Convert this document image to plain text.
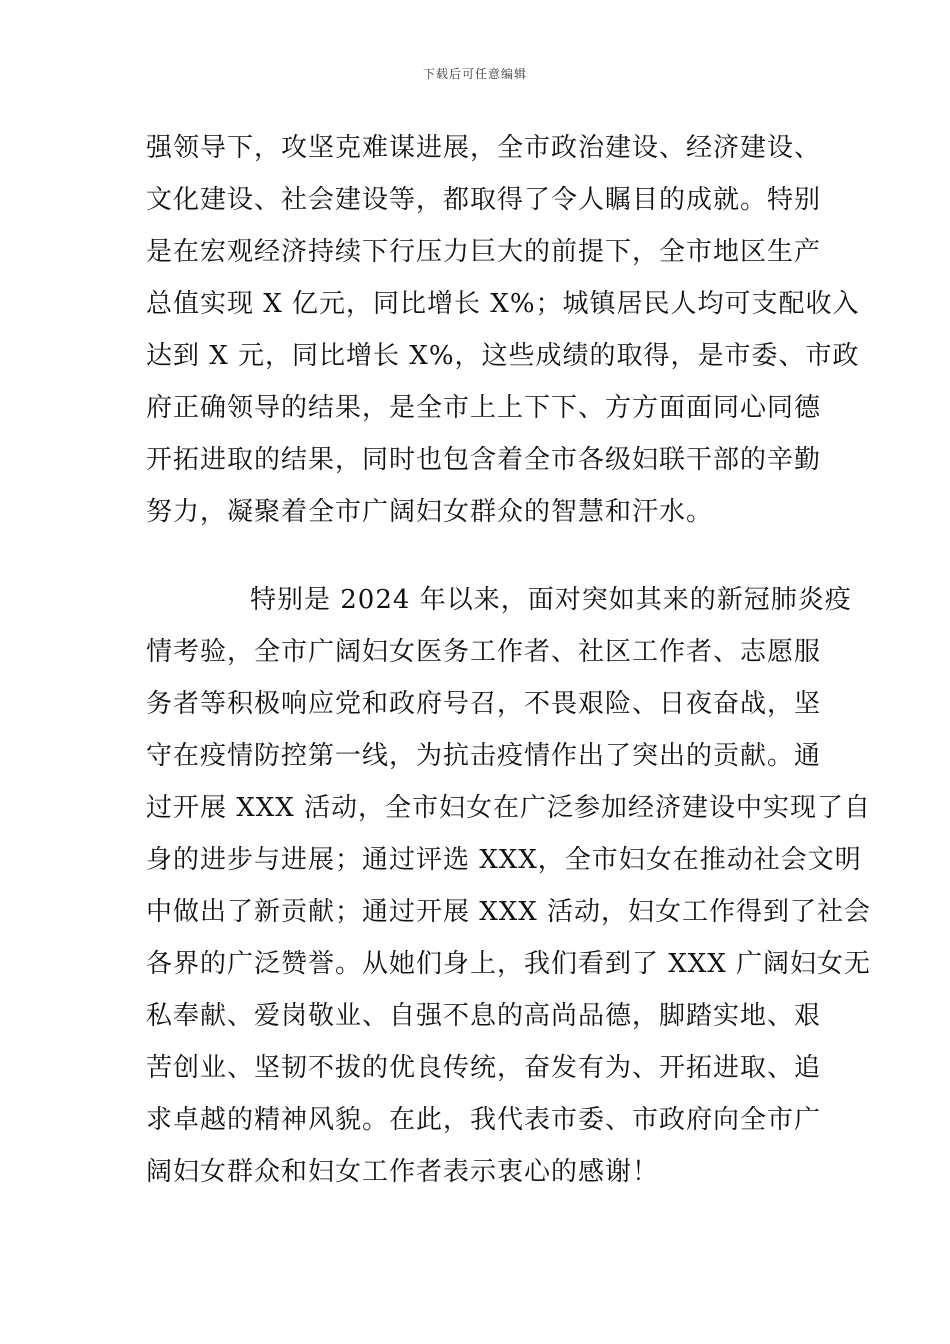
下载后可任意编辑
强领导下，攻坚克难谋进展，全市政治建设、经济建设、
文化建设、社会建设等，都取得了令人瞩目的成就。特别
是在宏观经济持续下行压力巨大的前提下，全市地区生产
总值实现 X 亿元，同比增长 X%；城镇居民人均可支配收入
达到 X 元，同比增长 X%，这些成绩的取得，是市委、市政
府正确领导的结果，是全市上上下下、方方面面同心同德
开拓进取的结果，同时也包含着全市各级妇联干部的辛勤
努力，凝聚着全市广阔妇女群众的智慧和汗水。
特别是 2024 年以来，面对突如其来的新冠肺炎疫
情考验，全市广阔妇女医务工作者、社区工作者、志愿服
务者等积极响应党和政府号召，不畏艰险、日夜奋战，坚
守在疫情防控第一线，为抗击疫情作出了突出的贡献。通
过开展 XXX 活动，全市妇女在广泛参加经济建设中实现了自
身的进步与进展；通过评选 XXX，全市妇女在推动社会文明
中做出了新贡献；通过开展 XXX 活动，妇女工作得到了社会
各界的广泛赞誉。从她们身上，我们看到了 XXX 广阔妇女无
私奉献、爱岗敬业、自强不息的高尚品德，脚踏实地、艰
苦创业、坚韧不拔的优良传统，奋发有为、开拓进取、追
求卓越的精神风貌。在此，我代表市委、市政府向全市广
阔妇女群众和妇女工作者表示衷心的感谢！
